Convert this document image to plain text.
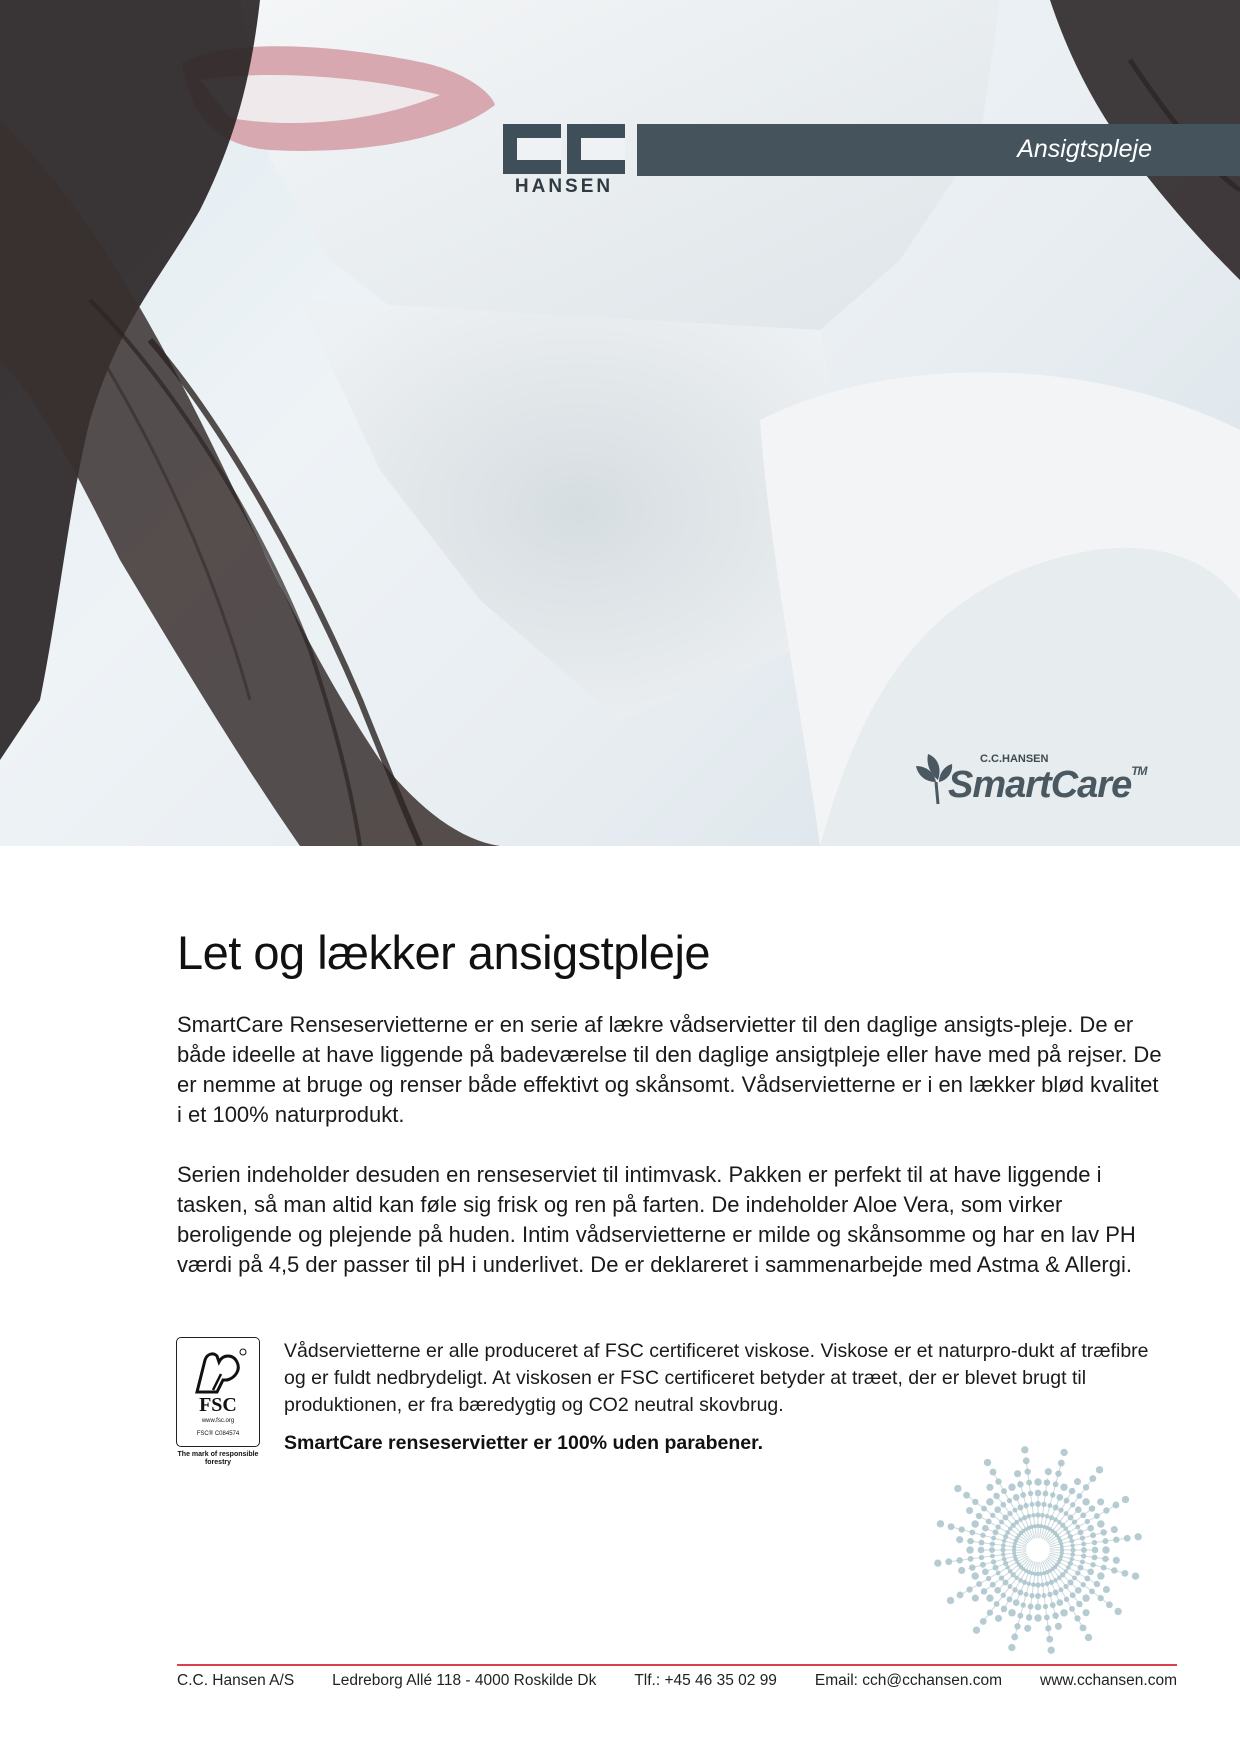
HANSEN
Ansigtspleje
C.C.HANSEN
SmartCare™
Let og lækker ansigstpleje

SmartCare Renseservietterne er en serie af lækre vådservietter til den daglige ansigts-pleje. De er både ideelle at have liggende på badeværelse til den daglige ansigtpleje eller have med på rejser. De er nemme at bruge og renser både effektivt og skånsomt. Vådservietterne er i en lækker blød kvalitet i et 100% naturprodukt.

Serien indeholder desuden en renseserviet til intimvask. Pakken er perfekt til at have liggende i tasken, så man altid kan føle sig frisk og ren på farten. De indeholder Aloe Vera, som virker beroligende og plejende på huden. Intim vådservietterne er milde og skånsomme og har en lav PH værdi på 4,5 der passer til pH i underlivet. De er deklareret i sammenarbejde med Astma & Allergi.

FSC
www.fsc.org
FSC® C084574
The mark of responsible forestry

Vådservietterne er alle produceret af FSC certificeret viskose. Viskose er et naturpro-dukt af træfibre og er fuldt nedbrydeligt. At viskosen er FSC certificeret betyder at træet, der er blevet brugt til produktionen, er fra bæredygtig og CO2 neutral skovbrug.

SmartCare renseservietter er 100% uden parabener.

C.C. Hansen A/S Ledreborg Allé 118 - 4000 Roskilde Dk Tlf.: +45 46 35 02 99 Email: cch@cchansen.com www.cchansen.com
